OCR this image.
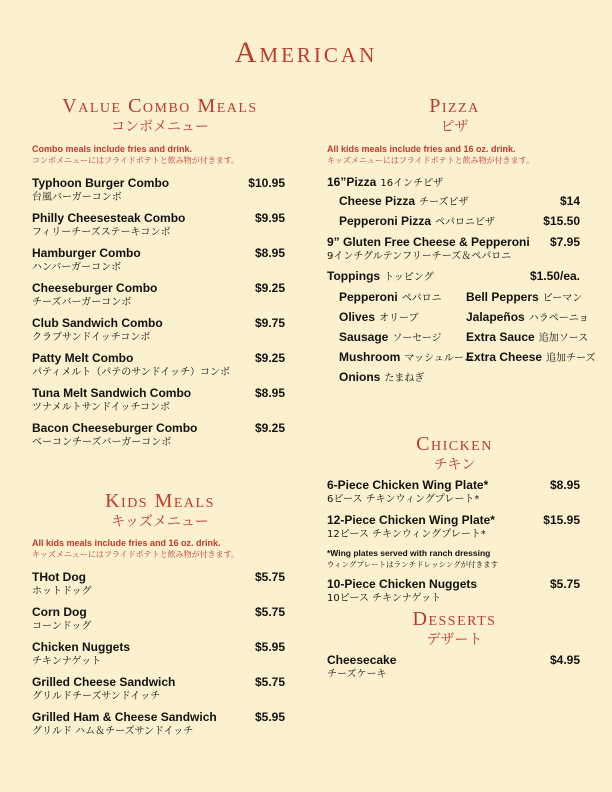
American
Value Combo Meals
コンボメニュー
Combo meals include fries and drink.
コンボメニューにはフライドポテトと飲み物が付きます。
Typhoon Burger Combo
台風バーガーコンボ
$10.95
Philly Cheesesteak Combo
フィリーチーズステーキコンボ
$9.95
Hamburger Combo
ハンバーガーコンボ
$8.95
Cheeseburger Combo
チーズバーガーコンボ
$9.25
Club Sandwich Combo
クラブサンドイッチコンボ
$9.75
Patty Melt Combo
パティメルト（パテのサンドイッチ）コンボ
$9.25
Tuna Melt Sandwich Combo
ツナメルトサンドイッチコンボ
$8.95
Bacon Cheeseburger Combo
ベーコンチーズバーガーコンボ
$9.25
Kids Meals
キッズメニュー
All kids meals include fries and 16 oz. drink.
キッズメニューにはフライドポテトと飲み物が付きます。
THot Dog
ホットドッグ
$5.75
Corn Dog
コーンドッグ
$5.75
Chicken Nuggets
チキンナゲット
$5.95
Grilled Cheese Sandwich
グリルドチーズサンドイッチ
$5.75
Grilled Ham & Cheese Sandwich
グリルド ハム＆チーズサンドイッチ
$5.95
Pizza
ピザ
All kids meals include fries and 16 oz. drink.
キッズメニューにはフライドポテトと飲み物が付きます。
16”Pizza 16インチピザ
Cheese Pizza チーズピザ	$14
Pepperoni Pizza ペパロニピザ	$15.50
9” Gluten Free Cheese & Pepperoni
9インチグルテンフリーチーズ＆ペパロニ
$7.95
Toppings トッピング	$1.50/ea.
Pepperoni ペパロニ
Olives オリーブ
Sausage ソーセージ
Mushroom マッシュルーム
Onions たまねぎ
Bell Peppers ピーマン
Jalapeños ハラペーニョ
Extra Sauce 追加ソース
Extra Cheese 追加チーズ
Chicken
チキン
6-Piece Chicken Wing Plate*
6ピース チキンウィングプレート*
$8.95
12-Piece Chicken Wing Plate*
12ピース チキンウィングプレート*
$15.95
*Wing plates served with ranch dressing
ウィングプレートはランチドレッシングが付きます
10-Piece Chicken Nuggets
10ピース チキンナゲット
$5.75
Desserts
デザート
Cheesecake
チーズケーキ
$4.95
